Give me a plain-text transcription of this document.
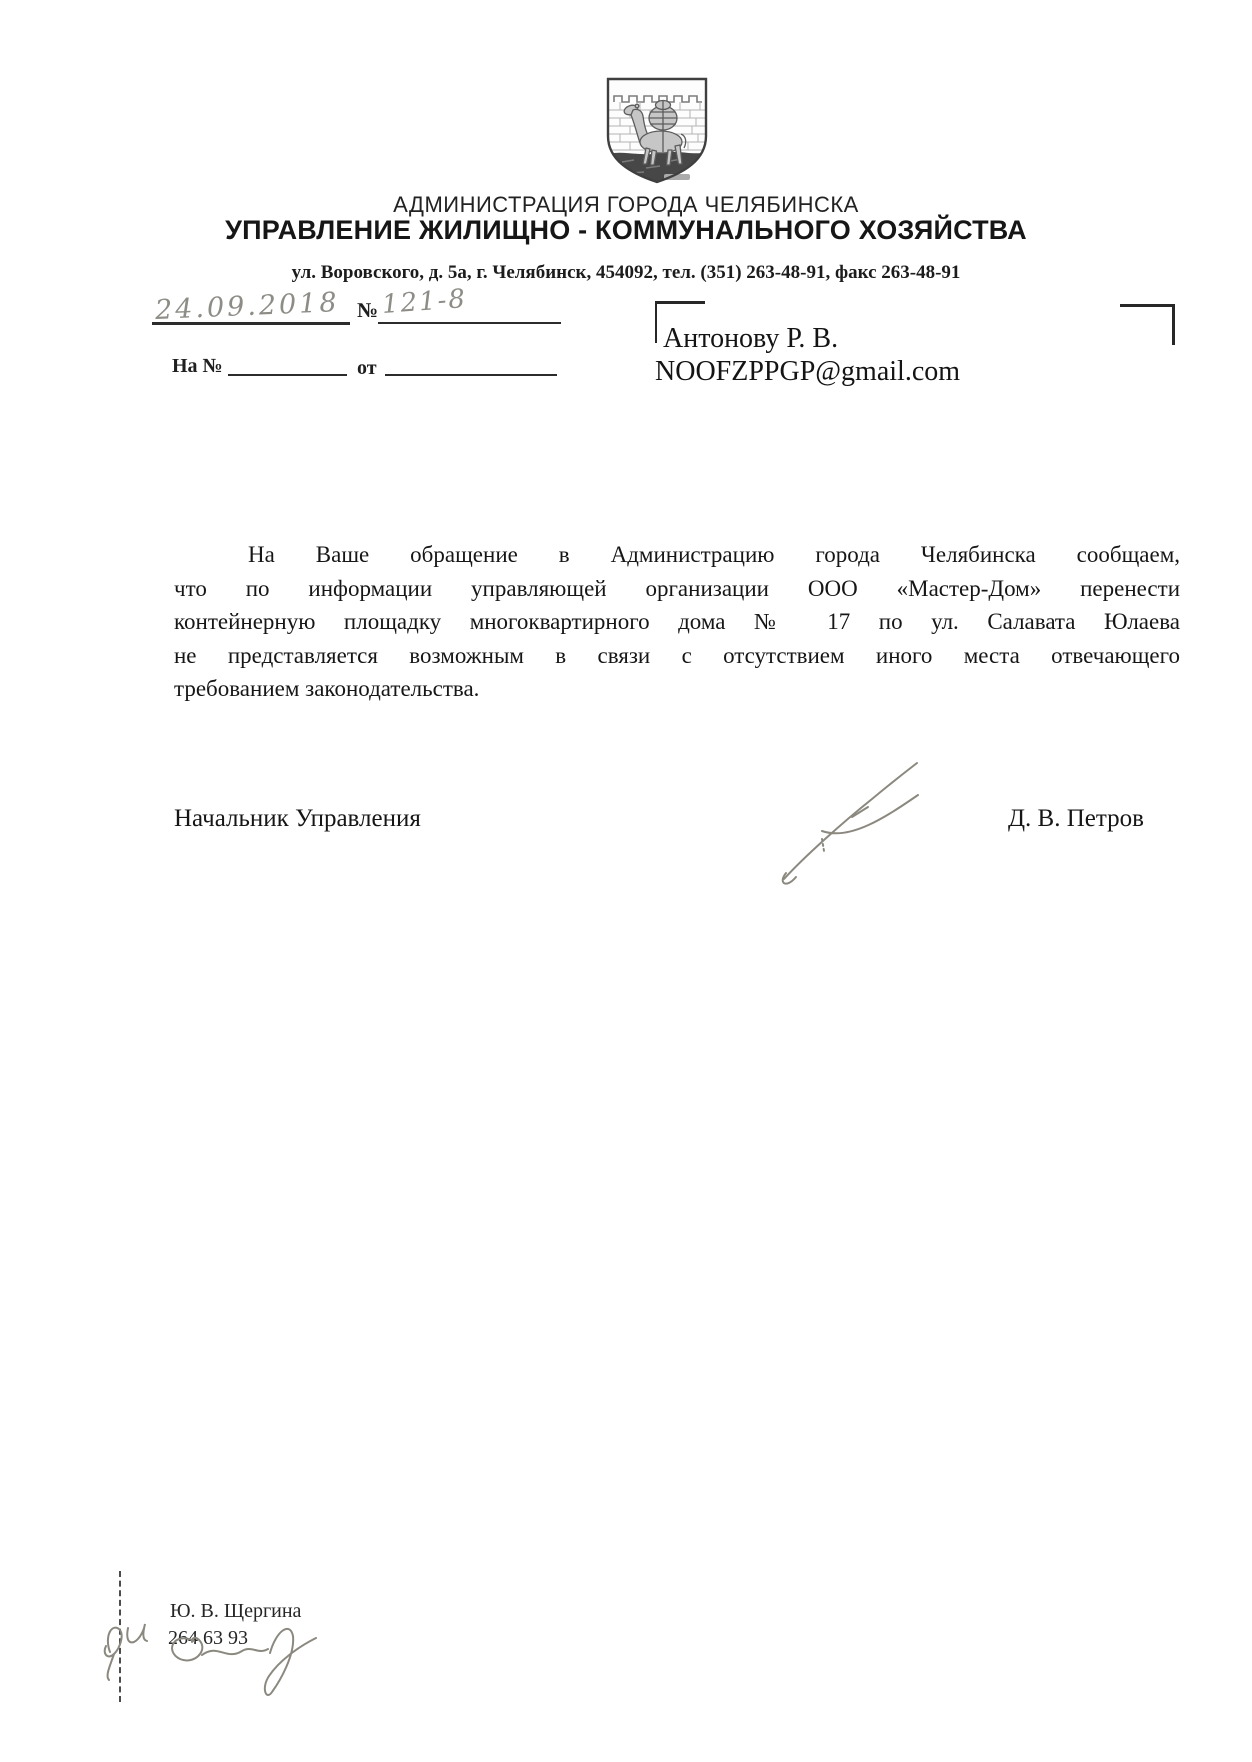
АДМИНИСТРАЦИЯ ГОРОДА ЧЕЛЯБИНСКА
УПРАВЛЕНИЕ ЖИЛИЩНО - КОММУНАЛЬНОГО ХОЗЯЙСТВА
ул. Воровского, д. 5а, г. Челябинск, 454092, тел. (351) 263-48-91, факс 263-48-91
24.09.2018 № 121-8
На №	от
Антонову Р. В.
NOOFZPPGP@gmail.com
На Ваше обращение в Администрацию города Челябинска сообщаем,
что по информации управляющей организации ООО «Мастер-Дом» перенести
контейнерную площадку многоквартирного дома № 17 по ул. Салавата Юлаева
не представляется возможным в связи с отсутствием иного места отвечающего
требованием законодательства.
Начальник Управления	Д. В. Петров
Ю. В. Щергина
264 63 93
